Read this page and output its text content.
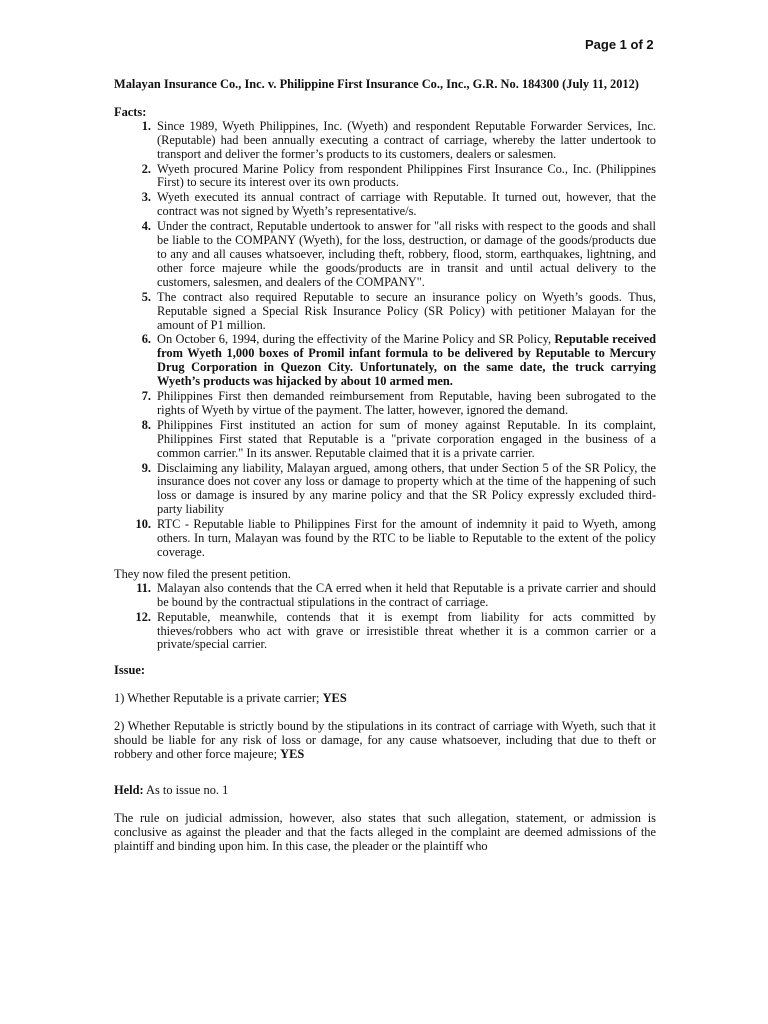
Page 1 of 2

Malayan Insurance Co., Inc. v. Philippine First Insurance Co., Inc., G.R. No. 184300 (July 11, 2012)

Facts:

1. Since 1989, Wyeth Philippines, Inc. (Wyeth) and respondent Reputable Forwarder Services, Inc. (Reputable) had been annually executing a contract of carriage, whereby the latter undertook to transport and deliver the former’s products to its customers, dealers or salesmen.
2. Wyeth procured Marine Policy from respondent Philippines First Insurance Co., Inc. (Philippines First) to secure its interest over its own products.
3. Wyeth executed its annual contract of carriage with Reputable. It turned out, however, that the contract was not signed by Wyeth’s representative/s.
4. Under the contract, Reputable undertook to answer for "all risks with respect to the goods and shall be liable to the COMPANY (Wyeth), for the loss, destruction, or damage of the goods/products due to any and all causes whatsoever, including theft, robbery, flood, storm, earthquakes, lightning, and other force majeure while the goods/products are in transit and until actual delivery to the customers, salesmen, and dealers of the COMPANY".
5. The contract also required Reputable to secure an insurance policy on Wyeth’s goods. Thus, Reputable signed a Special Risk Insurance Policy (SR Policy) with petitioner Malayan for the amount of P1 million.
6. On October 6, 1994, during the effectivity of the Marine Policy and SR Policy, Reputable received from Wyeth 1,000 boxes of Promil infant formula to be delivered by Reputable to Mercury Drug Corporation in Quezon City. Unfortunately, on the same date, the truck carrying Wyeth’s products was hijacked by about 10 armed men.
7. Philippines First then demanded reimbursement from Reputable, having been subrogated to the rights of Wyeth by virtue of the payment. The latter, however, ignored the demand.
8. Philippines First instituted an action for sum of money against Reputable. In its complaint, Philippines First stated that Reputable is a "private corporation engaged in the business of a common carrier." In its answer. Reputable claimed that it is a private carrier.
9. Disclaiming any liability, Malayan argued, among others, that under Section 5 of the SR Policy, the insurance does not cover any loss or damage to property which at the time of the happening of such loss or damage is insured by any marine policy and that the SR Policy expressly excluded third-party liability
10. RTC - Reputable liable to Philippines First for the amount of indemnity it paid to Wyeth, among others. In turn, Malayan was found by the RTC to be liable to Reputable to the extent of the policy coverage.

They now filed the present petition.

11. Malayan also contends that the CA erred when it held that Reputable is a private carrier and should be bound by the contractual stipulations in the contract of carriage.
12. Reputable, meanwhile, contends that it is exempt from liability for acts committed by thieves/robbers who act with grave or irresistible threat whether it is a common carrier or a private/special carrier.

Issue:

1) Whether Reputable is a private carrier; YES

2) Whether Reputable is strictly bound by the stipulations in its contract of carriage with Wyeth, such that it should be liable for any risk of loss or damage, for any cause whatsoever, including that due to theft or robbery and other force majeure; YES

Held: As to issue no. 1

The rule on judicial admission, however, also states that such allegation, statement, or admission is conclusive as against the pleader and that the facts alleged in the complaint are deemed admissions of the plaintiff and binding upon him. In this case, the pleader or the plaintiff who
